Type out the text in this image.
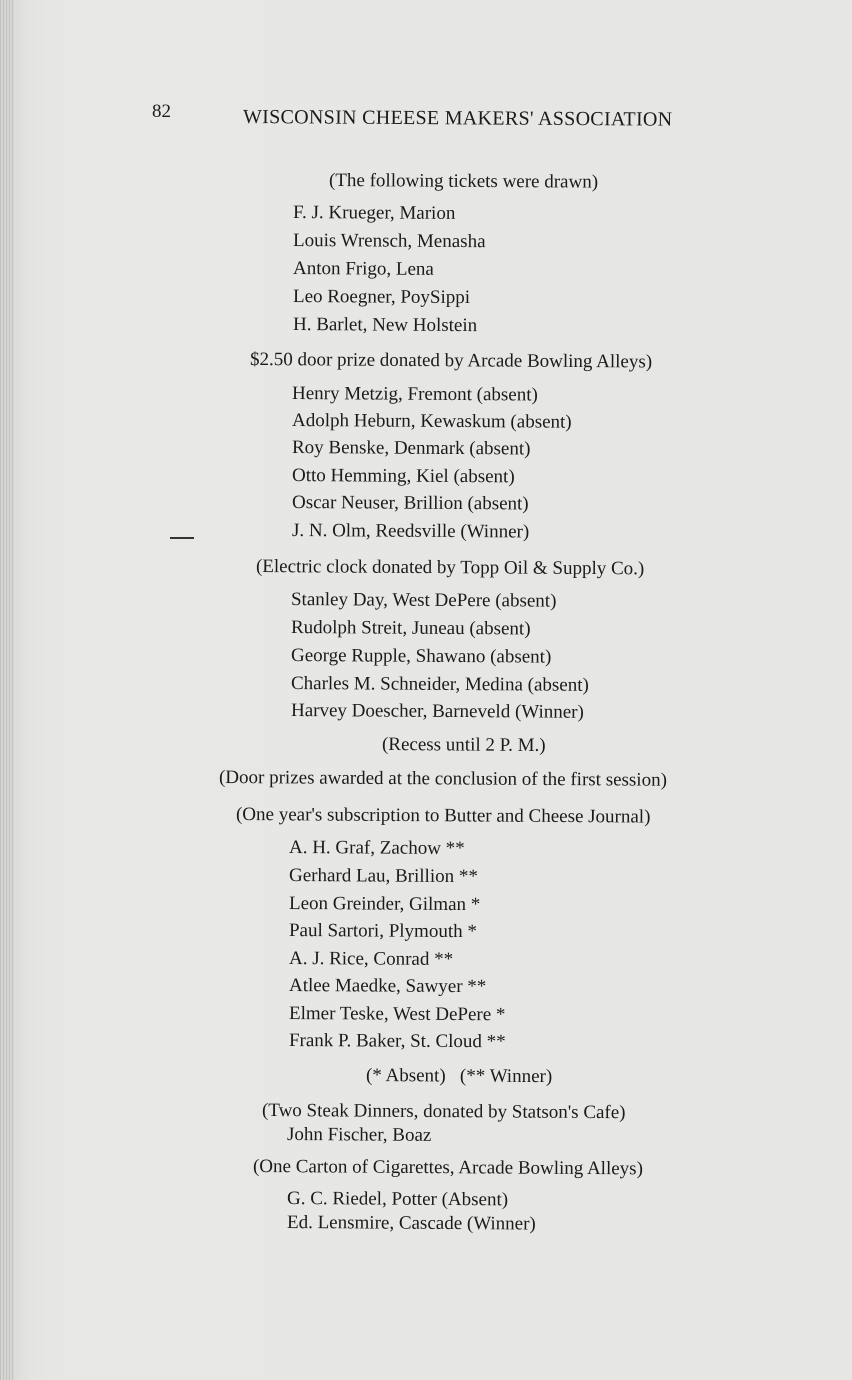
82	WISCONSIN CHEESE MAKERS' ASSOCIATION
(The following tickets were drawn)
F. J. Krueger, Marion
Louis Wrensch, Menasha
Anton Frigo, Lena
Leo Roegner, PoySippi
H. Barlet, New Holstein
$2.50 door prize donated by Arcade Bowling Alleys)
Henry Metzig, Fremont (absent)
Adolph Heburn, Kewaskum (absent)
Roy Benske, Denmark (absent)
Otto Hemming, Kiel (absent)
Oscar Neuser, Brillion (absent)
J. N. Olm, Reedsville (Winner)
(Electric clock donated by Topp Oil & Supply Co.)
Stanley Day, West DePere (absent)
Rudolph Streit, Juneau (absent)
George Rupple, Shawano (absent)
Charles M. Schneider, Medina (absent)
Harvey Doescher, Barneveld (Winner)
(Recess until 2 P. M.)
(Door prizes awarded at the conclusion of the first session)
(One year's subscription to Butter and Cheese Journal)
A. H. Graf, Zachow **
Gerhard Lau, Brillion **
Leon Greinder, Gilman *
Paul Sartori, Plymouth *
A. J. Rice, Conrad **
Atlee Maedke, Sawyer **
Elmer Teske, West DePere *
Frank P. Baker, St. Cloud **
(* Absent)   (** Winner)
(Two Steak Dinners, donated by Statson's Cafe)
John Fischer, Boaz
(One Carton of Cigarettes, Arcade Bowling Alleys)
G. C. Riedel, Potter (Absent)
Ed. Lensmire, Cascade (Winner)
